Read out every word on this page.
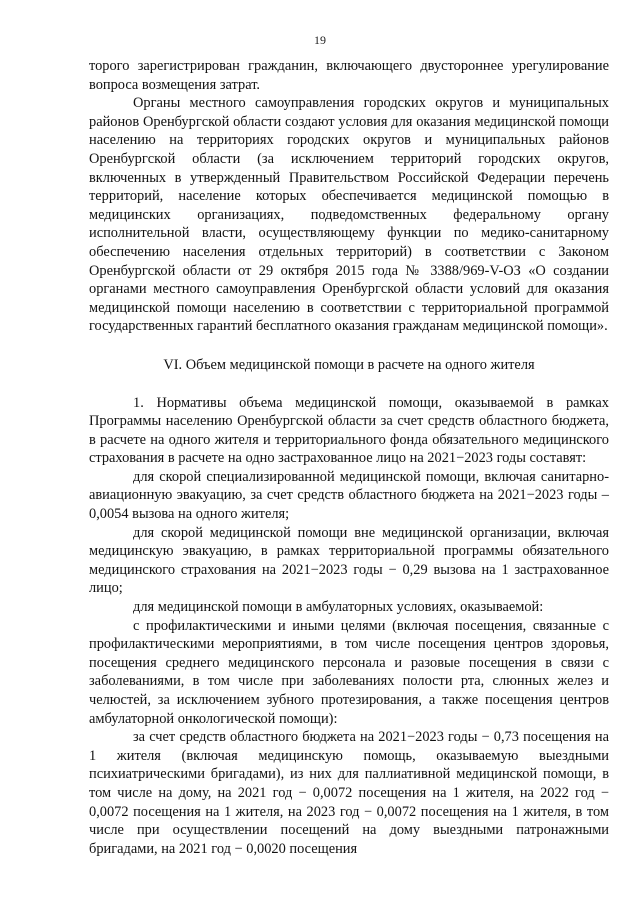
19

торого зарегистрирован гражданин, включающего двустороннее урегулирование вопроса возмещения затрат.

Органы местного самоуправления городских округов и муниципальных районов Оренбургской области создают условия для оказания медицинской помощи населению на территориях городских округов и муниципальных районов Оренбургской области (за исключением территорий городских округов, включенных в утвержденный Правительством Российской Федерации перечень территорий, население которых обеспечивается медицинской помощью в медицинских организациях, подведомственных федеральному органу исполнительной власти, осуществляющему функции по медико-санитарному обеспечению населения отдельных территорий) в соответствии с Законом Оренбургской области от 29 октября 2015 года № 3388/969-V-ОЗ «О создании органами местного самоуправления Оренбургской области условий для оказания медицинской помощи населению в соответствии с территориальной программой государственных гарантий бесплатного оказания гражданам медицинской помощи».

VI. Объем медицинской помощи в расчете на одного жителя

1. Нормативы объема медицинской помощи, оказываемой в рамках Программы населению Оренбургской области за счет средств областного бюджета, в расчете на одного жителя и территориального фонда обязательного медицинского страхования в расчете на одно застрахованное лицо на 2021−2023 годы составят:

для скорой специализированной медицинской помощи, включая санитарно-авиационную эвакуацию, за счет средств областного бюджета на 2021−2023 годы – 0,0054 вызова на одного жителя;

для скорой медицинской помощи вне медицинской организации, включая медицинскую эвакуацию, в рамках территориальной программы обязательного медицинского страхования на 2021−2023 годы − 0,29 вызова на 1 застрахованное лицо;

для медицинской помощи в амбулаторных условиях, оказываемой:

с профилактическими и иными целями (включая посещения, связанные с профилактическими мероприятиями, в том числе посещения центров здоровья, посещения среднего медицинского персонала и разовые посещения в связи с заболеваниями, в том числе при заболеваниях полости рта, слюнных желез и челюстей, за исключением зубного протезирования, а также посещения центров амбулаторной онкологической помощи):

за счет средств областного бюджета на 2021−2023 годы − 0,73 посещения на 1 жителя (включая медицинскую помощь, оказываемую выездными психиатрическими бригадами), из них для паллиативной медицинской помощи, в том числе на дому, на 2021 год − 0,0072 посещения на 1 жителя, на 2022 год − 0,0072 посещения на 1 жителя, на 2023 год − 0,0072 посещения на 1 жителя, в том числе при осуществлении посещений на дому выездными патронажными бригадами, на 2021 год − 0,0020 посещения
